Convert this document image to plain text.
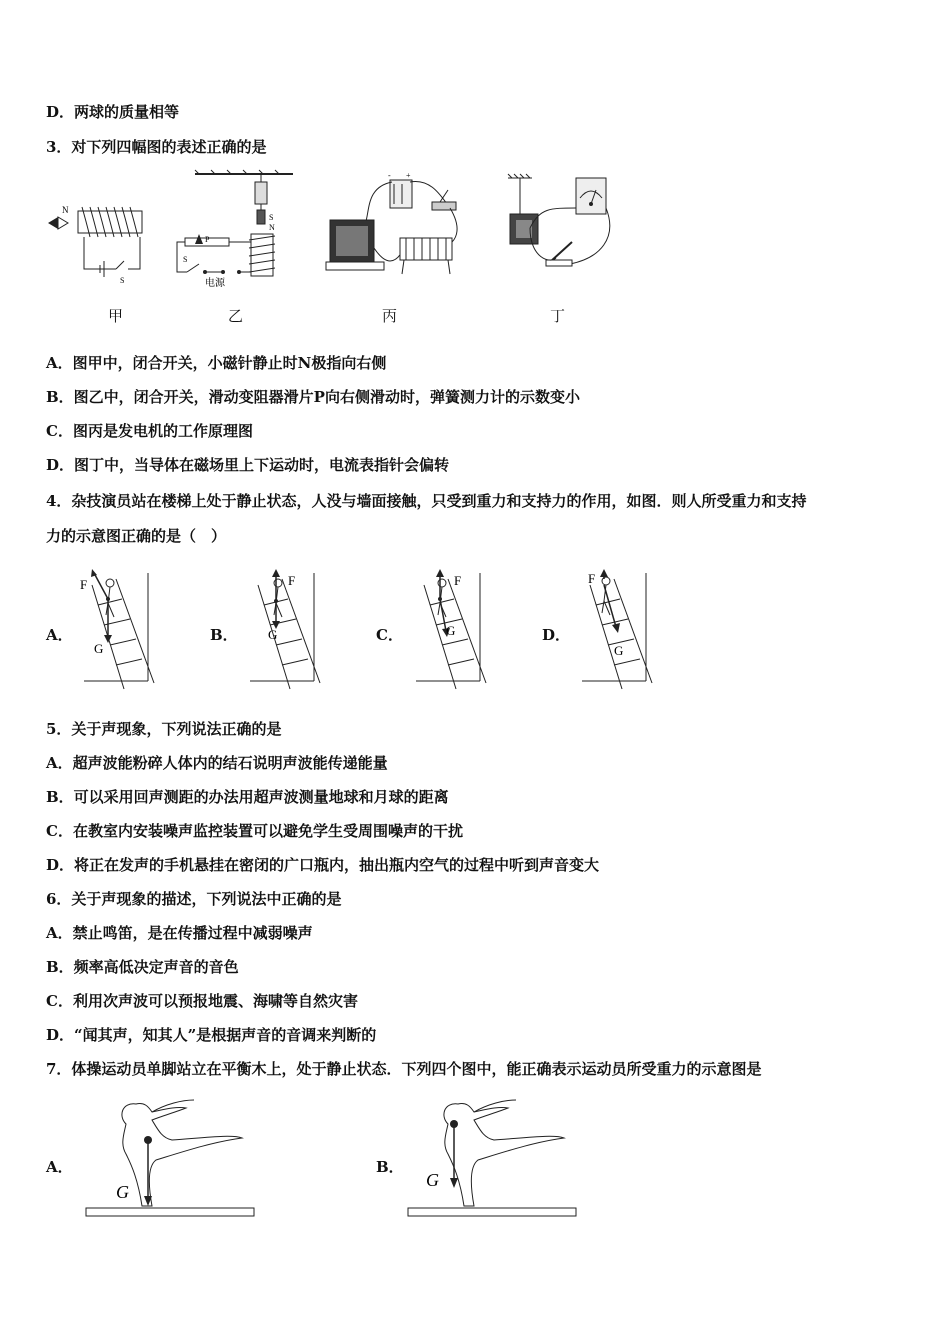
D．两球的质量相等
3．对下列四幅图的表述正确的是
N
S
甲
S
N
P
S
电源
乙
- +
丙	丁
A．图甲中，闭合开关，小磁针静止时N极指向右侧
B．图乙中，闭合开关，滑动变阻器滑片P向右侧滑动时，弹簧测力计的示数变小
C．图丙是发电机的工作原理图
D．图丁中，当导体在磁场里上下运动时，电流表指针会偏转
4．杂技演员站在楼梯上处于静止状态，人没与墙面接触，只受到重力和支持力的作用，如图．则人所受重力和支持
力的示意图正确的是（　）
A．
F
G
B．
F
G	C．
F
G	D．
F
G
5．关于声现象，下列说法正确的是
A．超声波能粉碎人体内的结石说明声波能传递能量
B．可以采用回声测距的办法用超声波测量地球和月球的距离
C．在教室内安装噪声监控装置可以避免学生受周围噪声的干扰
D．将正在发声的手机悬挂在密闭的广口瓶内，抽出瓶内空气的过程中听到声音变大
6．关于声现象的描述，下列说法中正确的是
A．禁止鸣笛，是在传播过程中减弱噪声
B．频率高低决定声音的音色
C．利用次声波可以预报地震、海啸等自然灾害
D．“闻其声，知其人”是根据声音的音调来判断的
7．体操运动员单脚站立在平衡木上，处于静止状态．下列四个图中，能正确表示运动员所受重力的示意图是
A．
G
B．
G
